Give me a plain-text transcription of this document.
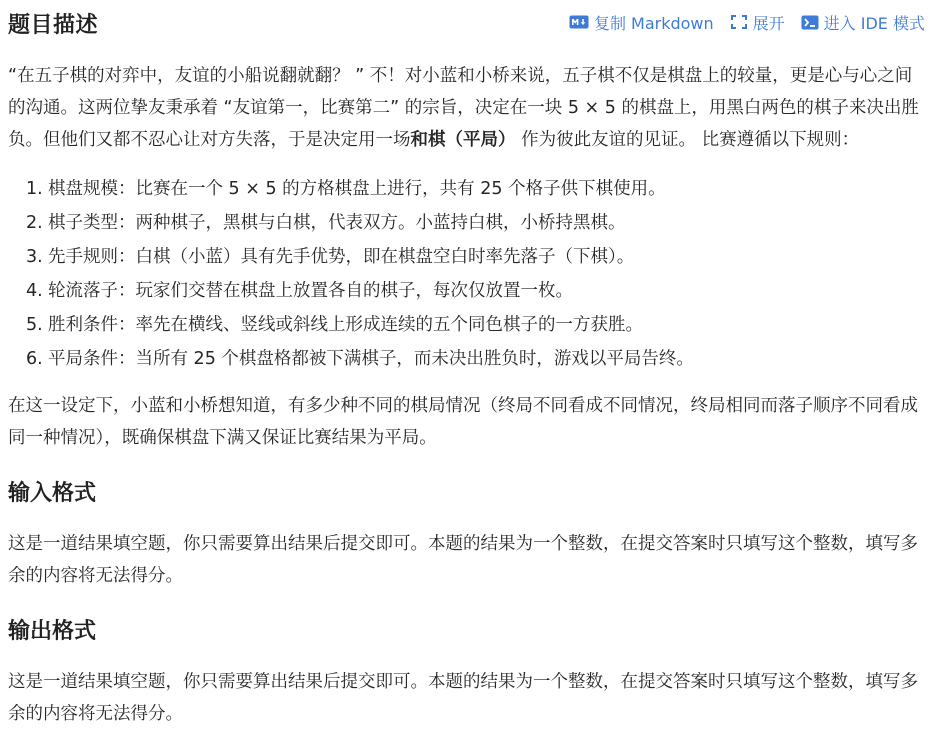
题目描述	复制 Markdown 展开 进入 IDE 模式

“在五子棋的对弈中，友谊的小船说翻就翻？ ” 不！对小蓝和小桥来说，五子棋不仅是棋盘上的较量，更是心与心之间的沟通。这两位挚友秉承着 “友谊第一，比赛第二” 的宗旨，决定在一块 5 × 5 的棋盘上，用黑白两色的棋子来决出胜负。但他们又都不忍心让对方失落，于是决定用一场和棋（平局） 作为彼此友谊的见证。 比赛遵循以下规则：

1. 棋盘规模：比赛在一个 5 × 5 的方格棋盘上进行，共有 25 个格子供下棋使用。
2. 棋子类型：两种棋子，黑棋与白棋，代表双方。小蓝持白棋，小桥持黑棋。
3. 先手规则：白棋（小蓝）具有先手优势，即在棋盘空白时率先落子（下棋）。
4. 轮流落子：玩家们交替在棋盘上放置各自的棋子，每次仅放置一枚。
5. 胜利条件：率先在横线、竖线或斜线上形成连续的五个同色棋子的一方获胜。
6. 平局条件：当所有 25 个棋盘格都被下满棋子，而未决出胜负时，游戏以平局告终。

在这一设定下，小蓝和小桥想知道，有多少种不同的棋局情况（终局不同看成不同情况，终局相同而落子顺序不同看成同一种情况），既确保棋盘下满又保证比赛结果为平局。

输入格式

这是一道结果填空题，你只需要算出结果后提交即可。本题的结果为一个整数，在提交答案时只填写这个整数，填写多余的内容将无法得分。

输出格式

这是一道结果填空题，你只需要算出结果后提交即可。本题的结果为一个整数，在提交答案时只填写这个整数，填写多余的内容将无法得分。
